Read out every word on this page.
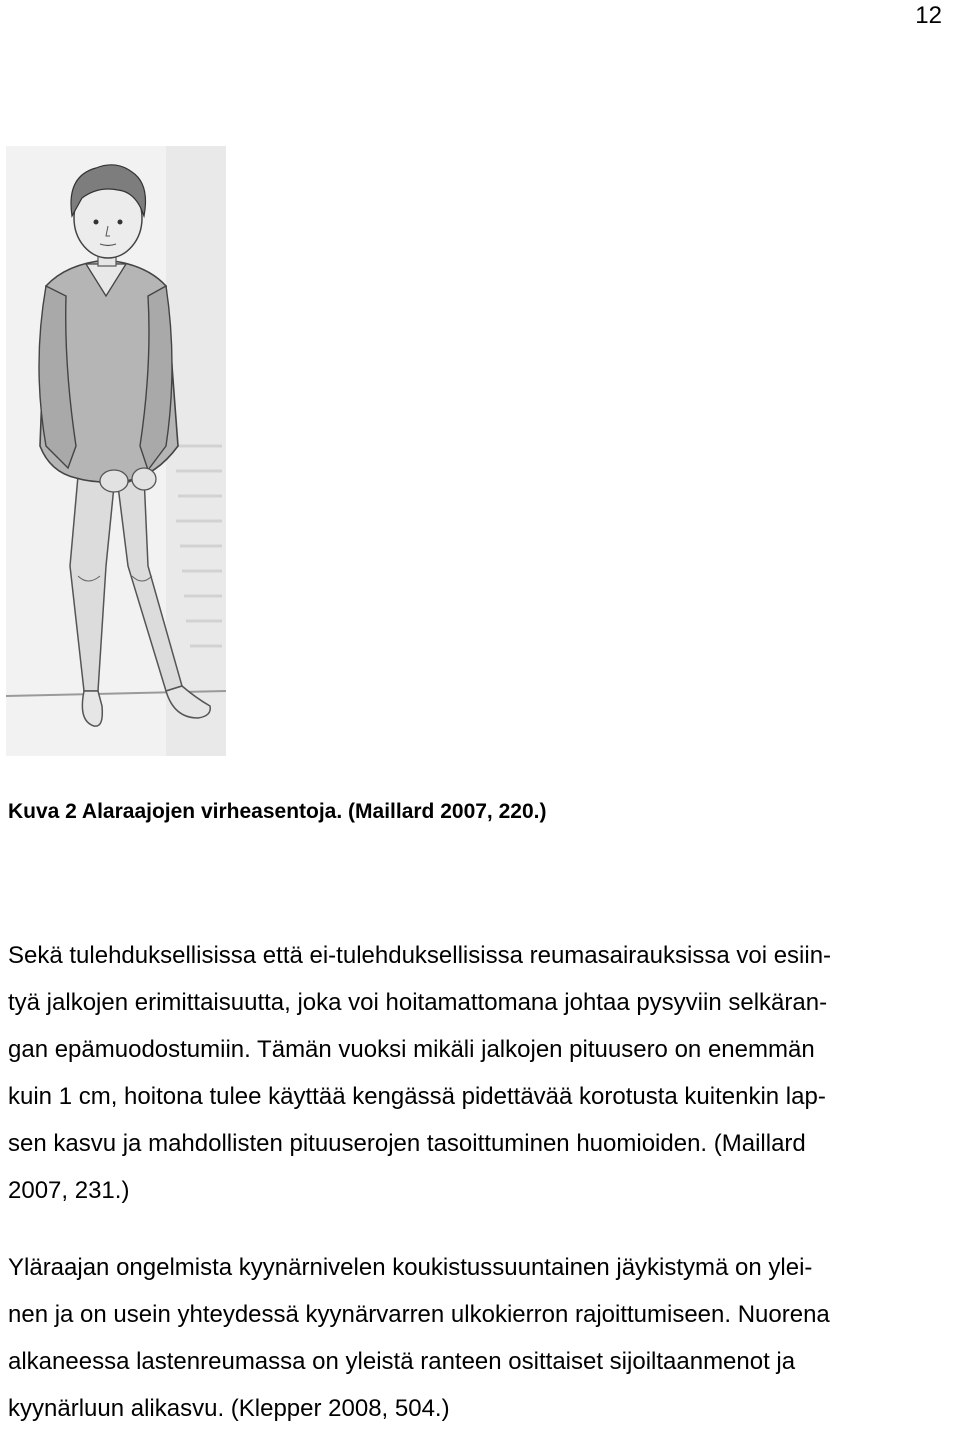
12
Kuva 2 Alaraajojen virheasentoja. (Maillard 2007, 220.)

Sekä tulehduksellisissa että ei-tulehduksellisissa reumasairauksissa voi esiin-
tyä jalkojen erimittaisuutta, joka voi hoitamattomana johtaa pysyviin selkäran-
gan epämuodostumiin. Tämän vuoksi mikäli jalkojen pituusero on enemmän
kuin 1 cm, hoitona tulee käyttää kengässä pidettävää korotusta kuitenkin lap-
sen kasvu ja mahdollisten pituuserojen tasoittuminen huomioiden. (Maillard
2007, 231.)

Yläraajan ongelmista kyynärnivelen koukistussuuntainen jäykistymä on ylei-
nen ja on usein yhteydessä kyynärvarren ulkokierron rajoittumiseen. Nuorena
alkaneessa lastenreumassa on yleistä ranteen osittaiset sijoiltaanmenot ja
kyynärluun alikasvu. (Klepper 2008, 504.)
